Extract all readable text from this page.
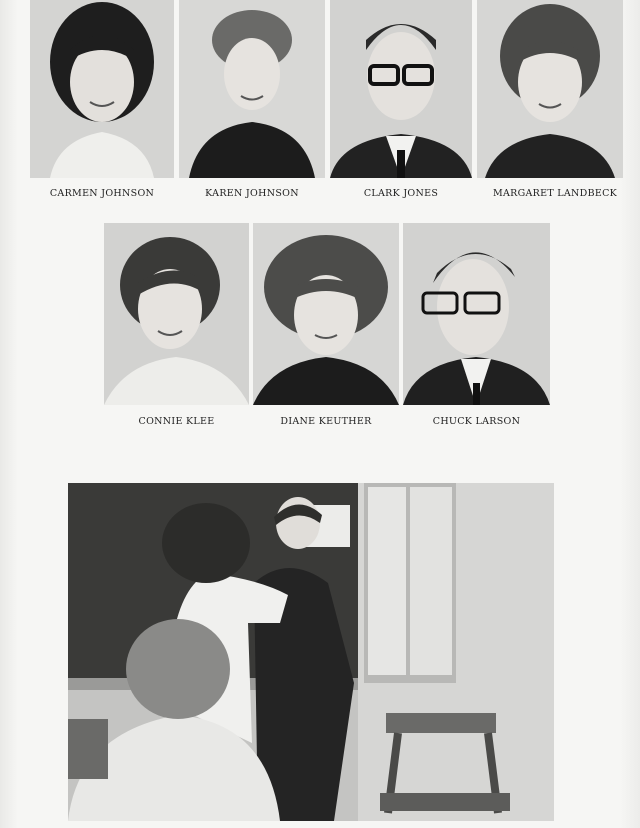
CARMEN JOHNSON	KAREN JOHNSON	CLARK JONES	MARGARET LANDBECK
CONNIE KLEE	DIANE KEUTHER	CHUCK LARSON
